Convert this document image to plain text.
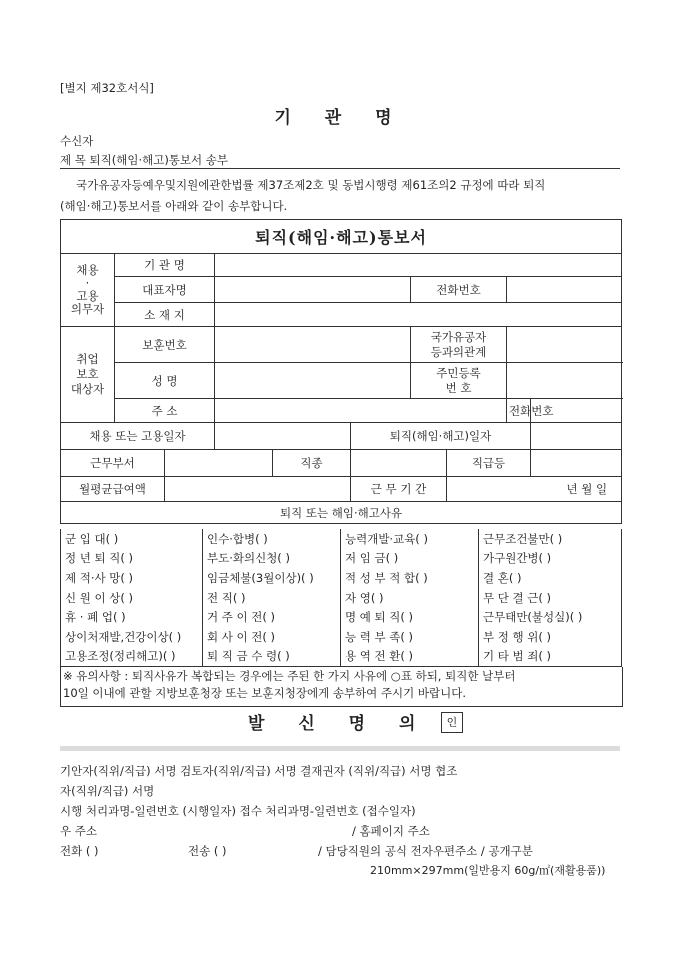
[별지 제32호서식]
기 관 명
수신자
제 목 퇴직(해임·해고)통보서 송부
국가유공자등예우및지원에관한법률 제37조제2호 및 동법시행령 제61조의2 규정에 따라 퇴직
(해임·해고)통보서를 아래와 같이 송부합니다.
퇴직(해임·해고)통보서									
채용
·
고용
의무자	기 관 명								
	대표자명					전화번호			
	소 재 지								
취업
보호
대상자	보훈번호					국가유공자
등과의관계			
	성 명					주민등록
번 호			
	주 소							전화번호	
채용 또는 고용일자					퇴직(해임·해고)일자				
근무부서				직종			직급등		
월평균급여액					근 무 기 간		년 월 일		
퇴직 또는 해임·해고사유									
군 입 대( )	인수·합병( )	능력개발·교육( )	근무조건불만( )
정 년 퇴 직( )	부도·화의신청( )	저 임 금( )	가구원간병( )
제 적·사 망( )	임금체불(3월이상)( )	적 성 부 적 합( )	결 혼( )
신 원 이 상( )	전 직( )	자 영( )	무 단 결 근( )
휴 · 폐 업( )	거 주 이 전( )	명 예 퇴 직( )	근무태만(불성실)( )
상이처재발,건강이상( )	회 사 이 전( )	능 력 부 족( )	부 정 행 위( )
고용조정(정리해고)( )	퇴 직 금 수 령( )	용 역 전 환( )	기 타 범 죄( )
※ 유의사항 : 퇴직사유가 복합되는 경우에는 주된 한 가지 사유에 ○표 하되, 퇴직한 날부터
10일 이내에 관할 지방보훈청장 또는 보훈지청장에게 송부하여 주시기 바랍니다.
발 신 명 의	인
기안자(직위/직급) 서명 검토자(직위/직급) 서명 결재권자 (직위/직급) 서명 협조
자(직위/직급) 서명
시행 처리과명-일련번호 (시행일자) 접수 처리과명-일련번호 (접수일자)
우 주소	/ 홈페이지 주소
전화 ( )	전송 ( )	/ 담당직원의 공식 전자우편주소 / 공개구분
210mm×297mm(일반용지 60g/㎡(재활용품))
